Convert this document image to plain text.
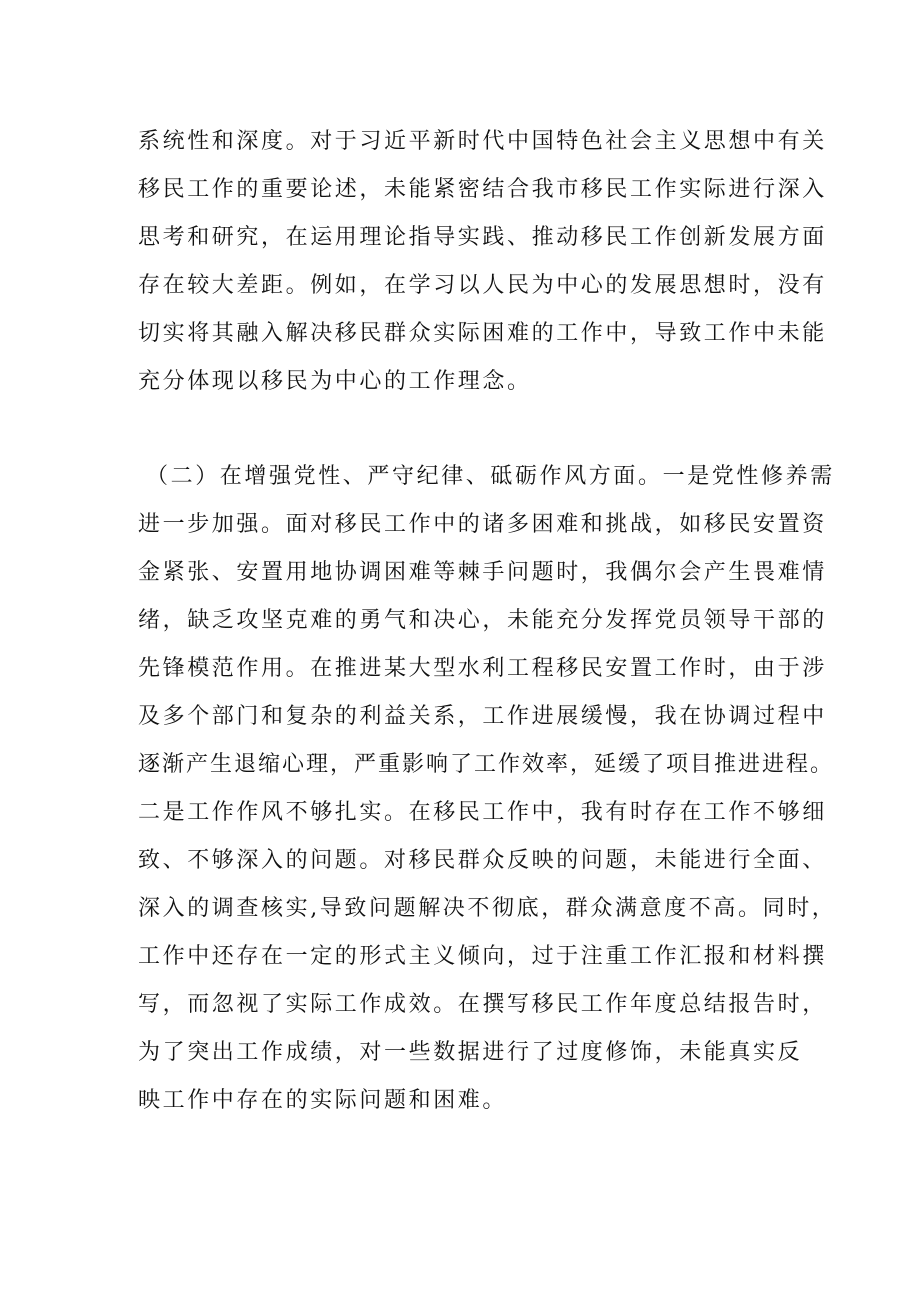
系统性和深度。对于习近平新时代中国特色社会主义思想中有关
移民工作的重要论述，未能紧密结合我市移民工作实际进行深入
思考和研究，在运用理论指导实践、推动移民工作创新发展方面
存在较大差距。例如，在学习以人民为中心的发展思想时，没有
切实将其融入解决移民群众实际困难的工作中，导致工作中未能
充分体现以移民为中心的工作理念。
（二）在增强党性、严守纪律、砥砺作风方面。一是党性修养需
进一步加强。面对移民工作中的诸多困难和挑战，如移民安置资
金紧张、安置用地协调困难等棘手问题时，我偶尔会产生畏难情
绪，缺乏攻坚克难的勇气和决心，未能充分发挥党员领导干部的
先锋模范作用。在推进某大型水利工程移民安置工作时，由于涉
及多个部门和复杂的利益关系，工作进展缓慢，我在协调过程中
逐渐产生退缩心理，严重影响了工作效率，延缓了项目推进进程。
二是工作作风不够扎实。在移民工作中，我有时存在工作不够细
致、不够深入的问题。对移民群众反映的问题，未能进行全面、
深入的调查核实,导致问题解决不彻底，群众满意度不高。同时，
工作中还存在一定的形式主义倾向，过于注重工作汇报和材料撰
写，而忽视了实际工作成效。在撰写移民工作年度总结报告时，
为了突出工作成绩，对一些数据进行了过度修饰，未能真实反
映工作中存在的实际问题和困难。
